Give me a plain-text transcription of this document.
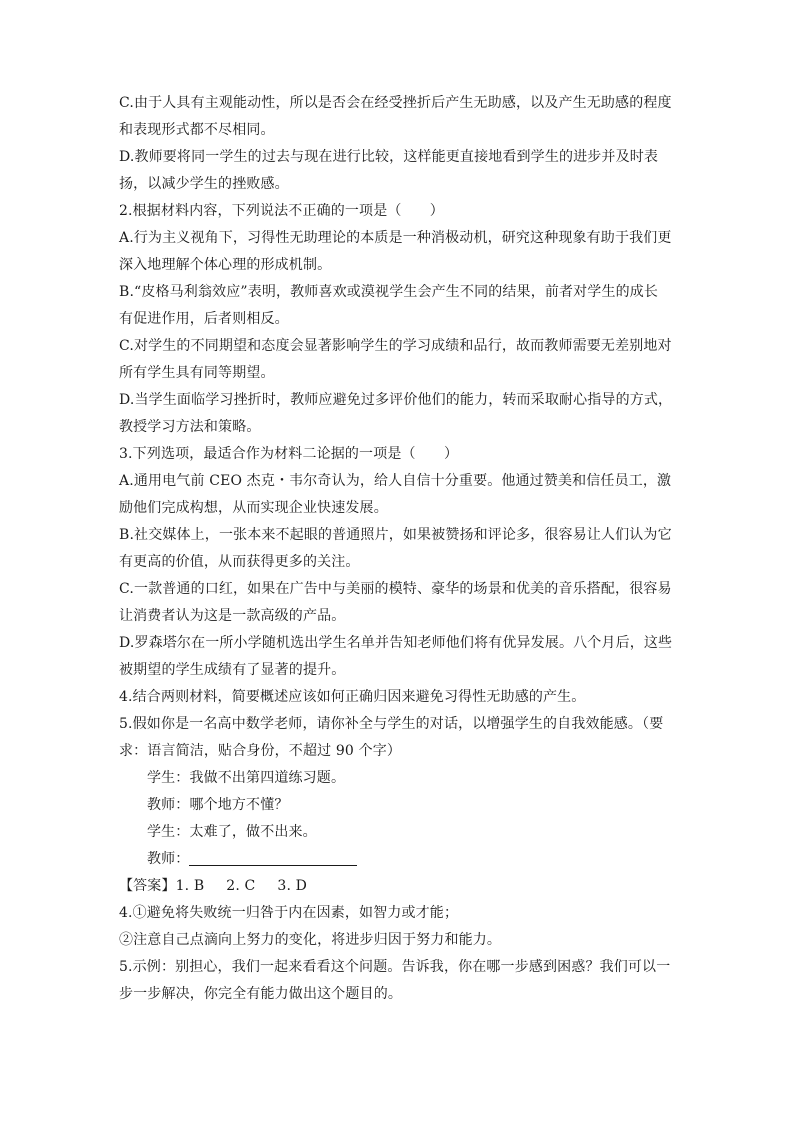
C.由于人具有主观能动性，所以是否会在经受挫折后产生无助感，以及产生无助感的程度
和表现形式都不尽相同。
D.教师要将同一学生的过去与现在进行比较，这样能更直接地看到学生的进步并及时表
扬，以减少学生的挫败感。
2.根据材料内容，下列说法不正确的一项是（　　）
A.行为主义视角下，习得性无助理论的本质是一种消极动机，研究这种现象有助于我们更
深入地理解个体心理的形成机制。
B.“皮格马利翁效应”表明，教师喜欢或漠视学生会产生不同的结果，前者对学生的成长
有促进作用，后者则相反。
C.对学生的不同期望和态度会显著影响学生的学习成绩和品行，故而教师需要无差别地对
所有学生具有同等期望。
D.当学生面临学习挫折时，教师应避免过多评价他们的能力，转而采取耐心指导的方式，
教授学习方法和策略。
3.下列选项，最适合作为材料二论据的一项是（　　）
A.通用电气前 CEO 杰克・韦尔奇认为，给人自信十分重要。他通过赞美和信任员工，激
励他们完成构想，从而实现企业快速发展。
B.社交媒体上，一张本来不起眼的普通照片，如果被赞扬和评论多，很容易让人们认为它
有更高的价值，从而获得更多的关注。
C.一款普通的口红，如果在广告中与美丽的模特、豪华的场景和优美的音乐搭配，很容易
让消费者认为这是一款高级的产品。
D.罗森塔尔在一所小学随机选出学生名单并告知老师他们将有优异发展。八个月后，这些
被期望的学生成绩有了显著的提升。
4.结合两则材料，简要概述应该如何正确归因来避免习得性无助感的产生。
5.假如你是一名高中数学老师，请你补全与学生的对话，以增强学生的自我效能感。（要
求：语言简洁，贴合身份，不超过 90 个字）
学生：我做不出第四道练习题。
教师：哪个地方不懂？
学生：太难了，做不出来。
教师：
【答案】1. B 2. C 3. D
4.①避免将失败统一归咎于内在因素，如智力或才能；
②注意自己点滴向上努力的变化，将进步归因于努力和能力。
5.示例：别担心，我们一起来看看这个问题。告诉我，你在哪一步感到困惑？我们可以一
步一步解决，你完全有能力做出这个题目的。
